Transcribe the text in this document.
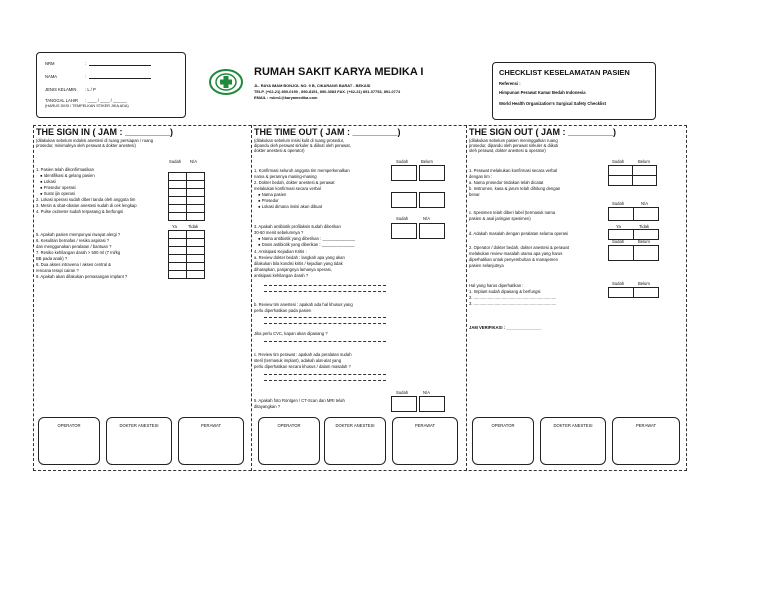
NRM	:
NAMA	:
JENIS KELAMIN : L / P
TANGGAL LAHIR : ____ / ____ / ______
(HARUS DIISI / TEMPELKAN STIKER JIKA ADA)
RUMAH SAKIT KARYA MEDIKA I
JL. RAYA IMAM BONJOL NO. 9 B, CIKARANG BARAT - BEKASI
TELP. (+62-21) 890-0190 , 890-8151, 890-3083 FAX. (+62-21) 891-07753, 891-0774
EMAIL : rskm1@karyamedika.com
CHECKLIST KESELAMATAN PASIEN
Referensi :
Himpunan Perawat Kamar Bedah Indonesia
World Health Organization's Surgical Safety Checklist
THE SIGN IN ( JAM : _________)
(dilakukan sebelum induksi anestesi di ruang persiapan / ruang
prosedur, minimalnya oleh perawat & dokter anestesi)
Sudah N/A
1. Pasien telah dikonfirmasikan
● Identifikasi & gelang pasien
● Lokasi
● Prosedur operasi
● Surat ijin operasi
2. Lokasi operasi sudah diberi tanda oleh anggota tim
3. Mesin & obat-obatan anestesi sudah di cek lengkap
4. Pulse oximeter sudah terpasang & berfungsi

Ya	Tidak
5. Apakah pasien mempunyai riwayat alergi ?
6. Kesulitan bernafas / resiko aspirasi ?
dan menggunakan peralatan / bantuan ?
7. Resiko kehilangan darah > 500 ml (7 ml/kg
BB pada anak) ?
8. Dua akses intravena / akses central &
rencana terapi cairan ?
9. Apakah akan dilakukan pemasangan implant ?

OPERATOR	DOKTER ANESTESI	PERAWAT
THE TIME OUT ( JAM : _________)
(dilakukan sebelum insisi kulit di ruang prosedur,
dipandu oleh perawat sirkuler & diikuti oleh perawat,
dokter anestesi & operator)
Sudah	Belum
1. Konfirmasi seluruh anggota tim memperkenalkan
nama & perannya masing-masing
2. Dokter bedah, dokter anestesi & perawat
melakukan konfirmasi secara verbal
● Nama pasien
● Prosedur
● Lokasi dimana insisi akan dibuat
Sudah	N/A
3. Apakah antibiotik profilaksis sudah diberikan
30-60 menit sebelumnya ?
● Nama antibiotik yang diberikan : ______________
● Dosis antibiotik yang diberikan : ______________
4. Antisipasi Kejadian Kritis :
a. Review dokter bedah : langkah apa yang akan
dilakukan bila kondisi kritis / kejadian yang tidak
diharapkan, panjangnya lamanya operasi,
antisipasi kehilangan darah ?
b. Review tim anestesi : apakah ada hal khusus yang
perlu diperhatikan pada pasien
Jika perlu CVC, kapan akan dipasang ?
c. Review tim perawat : apakah ada peralatan sudah
steril (termasuk implant), adakah alat-alat yang
perlu diperhatikan secara khusus / dalam masalah ?
Sudah	N/A
5. Apakah foto Rontgen / CT-Scan dan MRI telah
ditayangkan ?
OPERATOR	DOKTER ANESTESI	PERAWAT
THE SIGN OUT ( JAM : _________)
(dilakukan sebelum pasien meninggalkan ruang
prosedur, dipandu oleh perawat sirkuler & diikuti
oleh perawat, dokter anestesi & operator)
Sudah	Belum
1. Perawat melakukan konfirmasi secara verbal
dengan tim :
a. Nama prosedur tindakan telah dicatat
b. Instrumen, kasa & jarum telah dihitung dengan
benar

Sudah	N/A
c. Spesimen telah diberi label (termasuk nama
pasien & asal jaringan spesimen)
Ya	Tidak
d. Adakah masalah dengan peralatan selama operasi
Sudah	Belum
2. Operator / dokter bedah, dokter anestesi & perawat
melakukan review masalah utama apa yang harus
diperhatikan untuk penyembuhan & manajemen
pasien selanjutnya
Sudah	Belum
Hal yang harus diperhatikan :
1. Implant sudah dipasang & berfungsi
2. .......................................................................
3. .......................................................................
JAM VERIFIKASI : _______________
OPERATOR	DOKTER ANESTESI	PERAWAT
